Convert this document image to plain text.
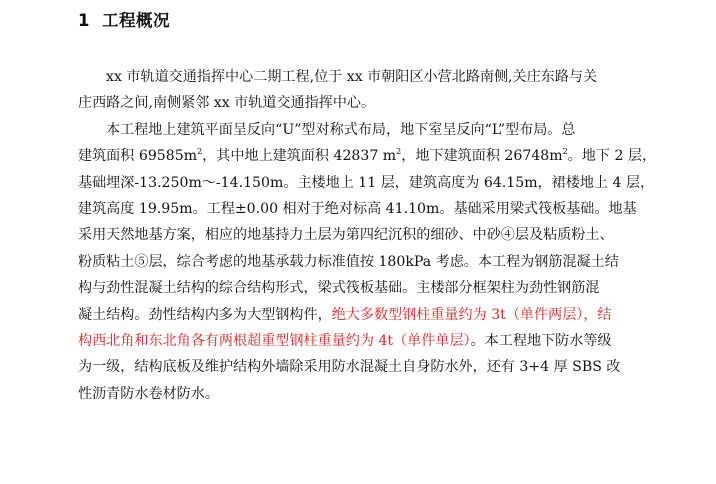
1 工程概况

xx 市轨道交通指挥中心二期工程,位于 xx 市朝阳区小营北路南侧,关庄东路与关
庄西路之间,南侧紧邻 xx 市轨道交通指挥中心。

本工程地上建筑平面呈反向“U”型对称式布局，地下室呈反向“L”型布局。总
建筑面积 $69585m^2$，其中地上建筑面积 42837 $m^2$，地下建筑面积 $26748m^2$。地下 2 层，
基础埋深-13.250m～-14.150m。主楼地上 11 层，建筑高度为 64.15m，裙楼地上 4 层，
建筑高度 19.95m。工程±0.00 相对于绝对标高 41.10m。基础采用梁式筏板基础。地基
采用天然地基方案，相应的地基持力土层为第四纪沉积的细砂、中砂④层及粘质粉土、
粉质粘土⑤层，综合考虑的地基承载力标准值按 180kPa 考虑。本工程为钢筋混凝土结
构与劲性混凝土结构的综合结构形式，梁式筏板基础。主楼部分框架柱为劲性钢筋混
凝土结构。劲性结构内多为大型钢构件，绝大多数型钢柱重量约为 3t（单件两层），结
构西北角和东北角各有两根超重型钢柱重量约为 4t（单件单层）。本工程地下防水等级
为一级，结构底板及维护结构外墙除采用防水混凝土自身防水外，还有 3+4 厚 SBS 改
性沥青防水卷材防水。
